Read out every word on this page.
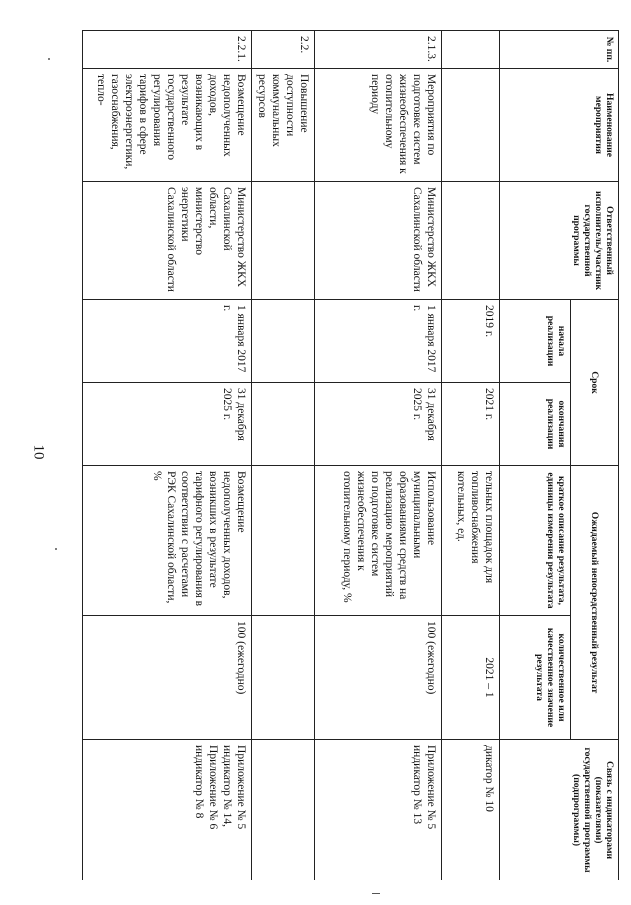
10
№ пп.	Наименование мероприятия	Ответственный исполнитель/участник государственной программы	Срок		Ожидаемый непосредственный результат		Связь с индикаторами (показателями) государственной программы (подпрограммы)
			начала реализации	окончания реализации	краткое описание результата, единицы измерения результата	количественное или качественное значение результата	
			2019 г.	2021 г.	тельных площадок для топливоснабжения котельных, ед.	2021 – 1	дикатор № 10
2.1.3.	Мероприятия по подготовке систем жизнеобеспечения к отопительному периоду	Министерство ЖКХ Сахалинской области	1 января 2017 г.	31 декабря 2025 г.	Использование муниципальными образованиями средств на реализацию мероприятий по подготовке систем жизнеобеспечения к отопительному периоду, %	100 (ежегодно)	Приложение № 5 индикатор № 13
2.2.	Повышение доступности коммунальных ресурсов						
2.2.1.	Возмещение недополученных доходов, возникающих в результате государственного регулирования тарифов в сфере электроэнергетики, газоснабжения, тепло-	Министерство ЖКХ Сахалинской области, министерство энергетики Сахалинской области	1 января 2017 г.	31 декабря 2025 г.	Возмещение недополученных доходов, возникших в результате тарифного регулирования в соответствии с расчетами РЭК Сахалинской области, %	100 (ежегодно)	Приложение № 5 индикатор № 14, Приложение № 6 индикатор № 8
